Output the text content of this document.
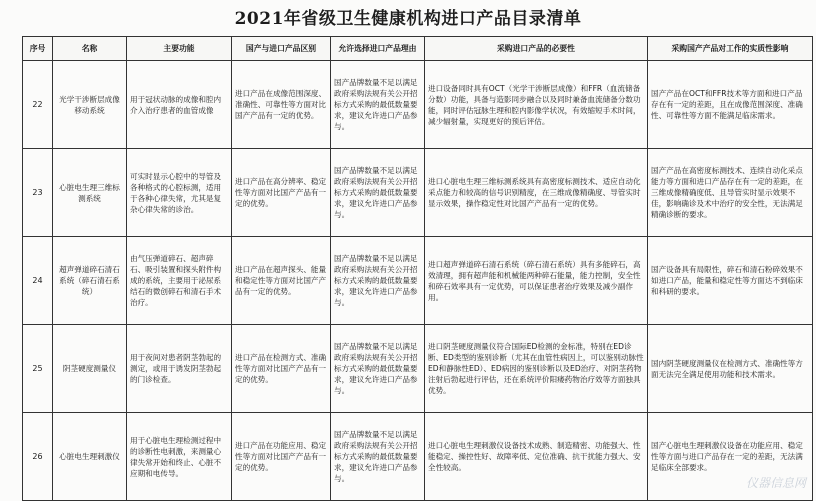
2021年省级卫生健康机构进口产品目录清单
序号	名称	主要功能	国产与进口产品区别	允许选择进口产品理由	采购进口产品的必要性	采购国产产品对工作的实质性影响
22	光学干涉断层成像移动系统	用于冠状动脉的成像和腔内介入治疗患者的血管成像	进口产品在成像范围深度、准确性、可靠性等方面对比国产产品有一定的优势。	国产品牌数量不足以满足政府采购法规有关公开招标方式采购的最低数量要求，建议允许进口产品参与。	进口设备同时具有OCT（光学干涉断层成像）和FFR（血流储备分数）功能，具备与造影同步融合以及同时兼备血流储备分数功能，同时评估冠脉生理和腔内影像学状况，有效缩短手术时间，减少辐射量，实现更好的预后评估。	国产产品在OCT和FFR技术等方面和进口产品存在有一定的差距，且在成像范围深度、准确性、可靠性等方面不能满足临床需求。
23	心脏电生理三维标测系统	可实时显示心腔中的导管及各种格式的心腔标测，适用于各种心律失常，尤其是复杂心律失常的诊治。	进口产品在高分辨率、稳定性等方面对比国产产品有一定的优势。	国产品牌数量不足以满足政府采购法规有关公开招标方式采购的最低数量要求，建议允许进口产品参与。	进口心脏电生理三维标测系统具有高密度标测技术、适应自动化采点能力和较高的信号识别精度，在三维成像精确度、导管实时显示效果，操作稳定性对比国产产品有一定的优势。	国产产品在高密度标测技术、连续自动化采点能力等方面和进口产品存在有一定的差距，在三维成像精确度低、且导管实时显示效果不佳，影响确诊及术中治疗的安全性，无法满足精确诊断的要求。
24	超声弹道碎石清石系统（碎石清石系统）	由气压弹道碎石、超声碎石、吸引装置和探头附件构成的系统，主要用于泌尿系结石的微创碎石和清石手术治疗。	进口产品在超声探头、能量和稳定性等方面对比国产产品有一定的优势。	国产品牌数量不足以满足政府采购法规有关公开招标方式采购的最低数量要求，建议允许进口产品参与。	进口超声弹道碎石清石系统（碎石清石系统）具有多能碎石，高效清理，拥有超声能和机械能两种碎石能量，能力控制，安全性和碎石效率具有一定优势，可以保证患者治疗效果及减少副作用。	国产设备具有局限性，碎石和清石粉碎效果不如进口产品，能量和稳定性等方面达不到临床和科研的要求。
25	阴茎硬度测量仪	用于夜间对患者阴茎勃起的测定，或用于诱发阴茎勃起的门诊检查。	进口产品在检测方式、准确性等方面对比国产产品有一定的优势。	国产品牌数量不足以满足政府采购法规有关公开招标方式采购的最低数量要求，建议允许进口产品参与。	进口阴茎硬度测量仪符合国际ED检测的金标准，特别在ED诊断、ED类型的鉴别诊断（尤其在血管性病因上，可以鉴别动脉性ED和静脉性ED）、ED病因的鉴别诊断以及ED治疗、对阴茎药物注射后勃起进行评估，还在系统评价阳痿药物治疗效等方面独具优势。	国内阴茎硬度测量仪在检测方式、准确性等方面无法完全满足使用功能和技术需求。
26	心脏电生理刺激仪	用于心脏电生理检测过程中的诊断性电刺激，来测量心律失常开始和终止、心脏不应期和电传导。	进口产品在功能应用、稳定性等方面对比国产产品有一定的优势。	国产品牌数量不足以满足政府采购法规有关公开招标方式采购的最低数量要求，建议允许进口产品参与。	进口心脏电生理刺激仪设备技术成熟、制造精密、功能强大、性能稳定、操控性好、故障率低、定位准确、抗干扰能力强大、安全性较高。	国产心脏电生理刺激仪设备在功能应用、稳定性等方面与进口产品存在一定的差距，无法满足临床全部要求。
仪器信息网
